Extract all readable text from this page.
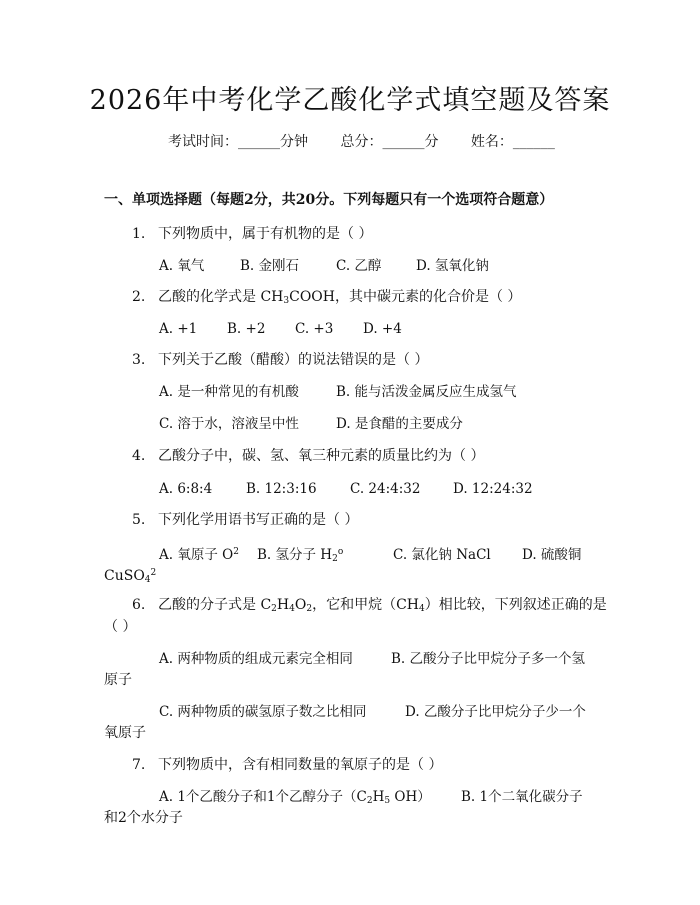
2026年中考化学乙酸化学式填空题及答案
考试时间：______分钟 总分：______分 姓名：______
一、单项选择题（每题2分，共20分。下列每题只有一个选项符合题意）
1. 下列物质中，属于有机物的是（ ）
A. 氧气	B. 金刚石	C. 乙醇	D. 氢氧化钠
2. 乙酸的化学式是 $CH_3COOH$，其中碳元素的化合价是（ ）
A. +1 B. +2 C. +3 D. +4
3. 下列关于乙酸（醋酸）的说法错误的是（ ）
A. 是一种常见的有机酸	B. 能与活泼金属反应生成氢气
C. 溶于水，溶液呈中性	D. 是食醋的主要成分
4. 乙酸分子中，碳、氢、氧三种元素的质量比约为（ ）
A. 6:8:4	B. 12:3:16 C. 24:4:32 D. 12:24:32
5. 下列化学用语书写正确的是（ ）
A. 氧原子 $O^2$ B. 氢分子 $H_2^o$	C. 氯化钠 NaCl D. 硫酸铜
CuSO$_4^2$
6. 乙酸的分子式是 $C_2H_4O_2$，它和甲烷$(CH_4)$相比较，下列叙述正确的是
（ ）
A. 两种物质的组成元素完全相同	B. 乙酸分子比甲烷分子多一个氢
原子
C. 两种物质的碳氢原子数之比相同	D. 乙酸分子比甲烷分子少一个
氧原子
7. 下列物质中，含有相同数量的氧原子的是（ ）
A. 1个乙酸分子和1个乙醇分子（$C_2H_5$ OH） B. 1个二氧化碳分子
和2个水分子
